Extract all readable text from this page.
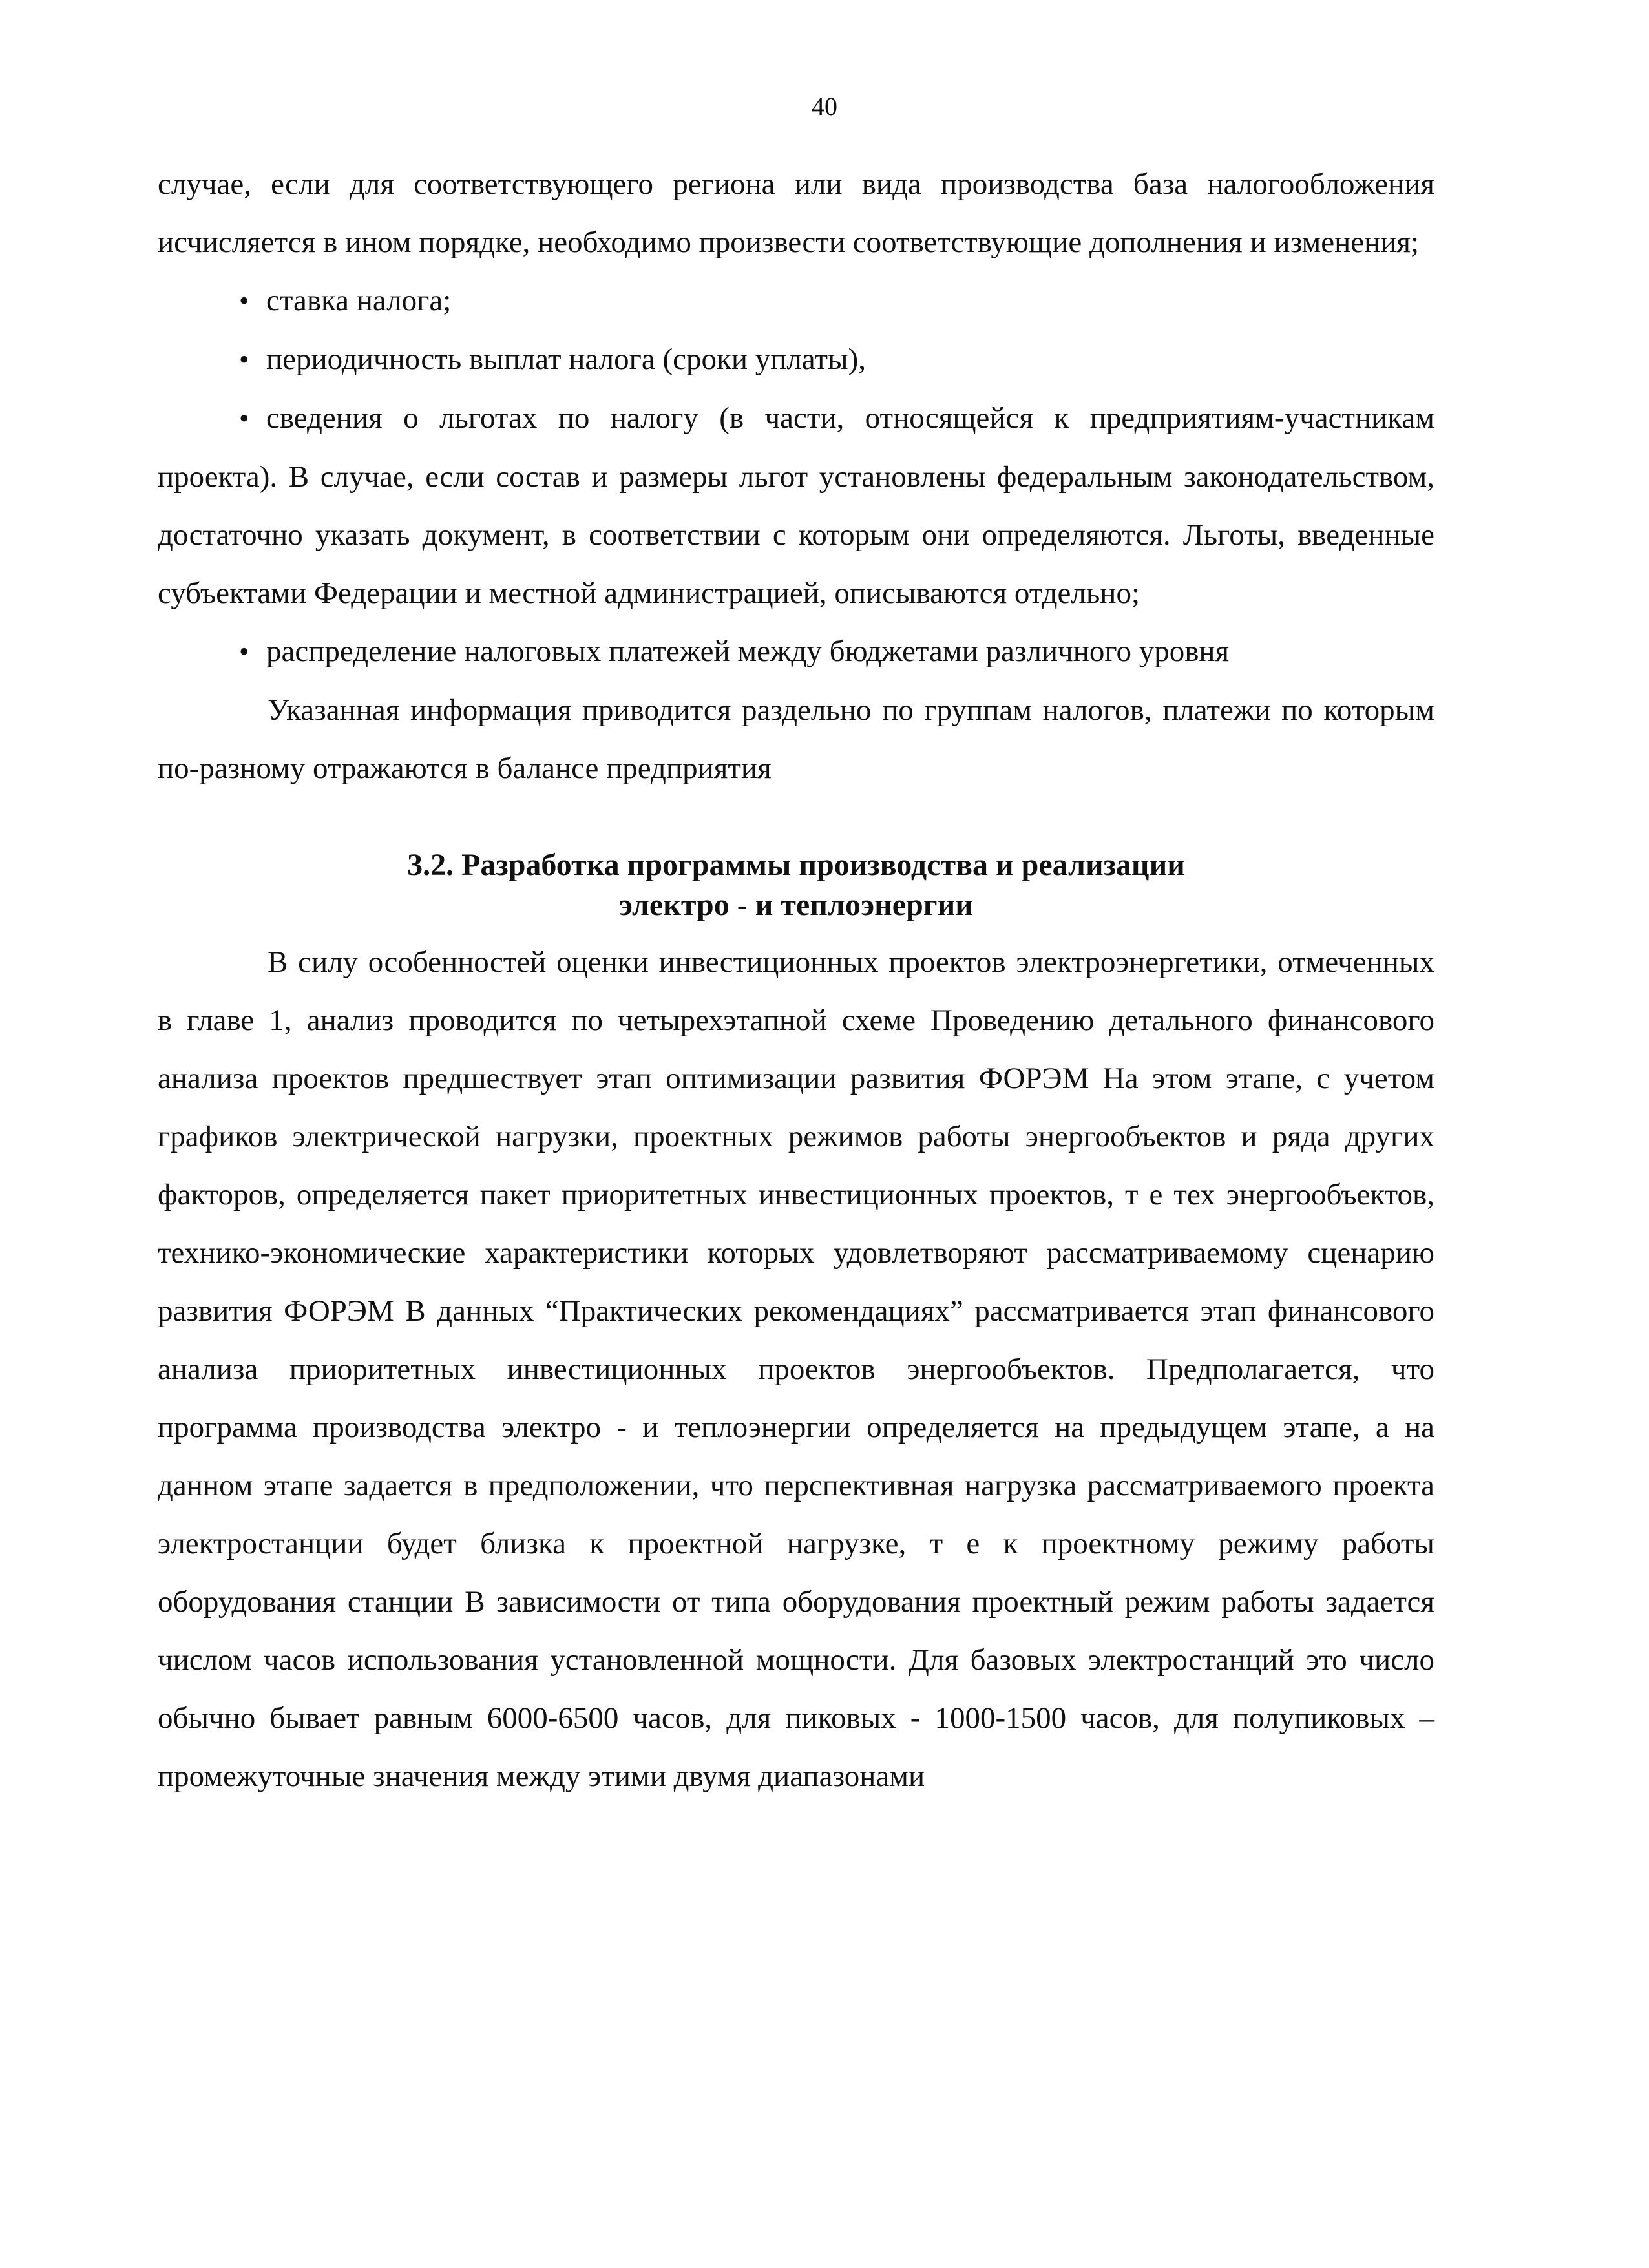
40

случае, если для соответствующего региона или вида производства база налогообложения исчисляется в ином порядке, необходимо произвести соответствующие дополнения и изменения;

• ставка налога;

• периодичность выплат налога (сроки уплаты),

• сведения о льготах по налогу (в части, относящейся к предприятиям-участникам проекта). В случае, если состав и размеры льгот установлены федеральным законодательством, достаточно указать документ, в соответствии с которым они определяются. Льготы, введенные субъектами Федерации и местной администрацией, описываются отдельно;

• распределение налоговых платежей между бюджетами различного уровня

Указанная информация приводится раздельно по группам налогов, платежи по которым по-разному отражаются в балансе предприятия

3.2. Разработка программы производства и реализации
электро - и теплоэнергии

В силу особенностей оценки инвестиционных проектов электроэнергетики, отмеченных в главе 1, анализ проводится по четырехэтапной схеме Проведению детального финансового анализа проектов предшествует этап оптимизации развития ФОРЭМ На этом этапе, с учетом графиков электрической нагрузки, проектных режимов работы энергообъектов и ряда других факторов, определяется пакет приоритетных инвестиционных проектов, т е тех энергообъектов, технико-экономические характеристики которых удовлетворяют рассматриваемому сценарию развития ФОРЭМ В данных “Практических рекомендациях” рассматривается этап финансового анализа приоритетных инвестиционных проектов энергообъектов. Предполагается, что программа производства электро - и теплоэнергии определяется на предыдущем этапе, а на данном этапе задается в предположении, что перспективная нагрузка рассматриваемого проекта электростанции будет близка к проектной нагрузке, т е к проектному режиму работы оборудования станции В зависимости от типа оборудования проектный режим работы задается числом часов использования установленной мощности. Для базовых электростанций это число обычно бывает равным 6000-6500 часов, для пиковых - 1000-1500 часов, для полупиковых – промежуточные значения между этими двумя диапазонами
